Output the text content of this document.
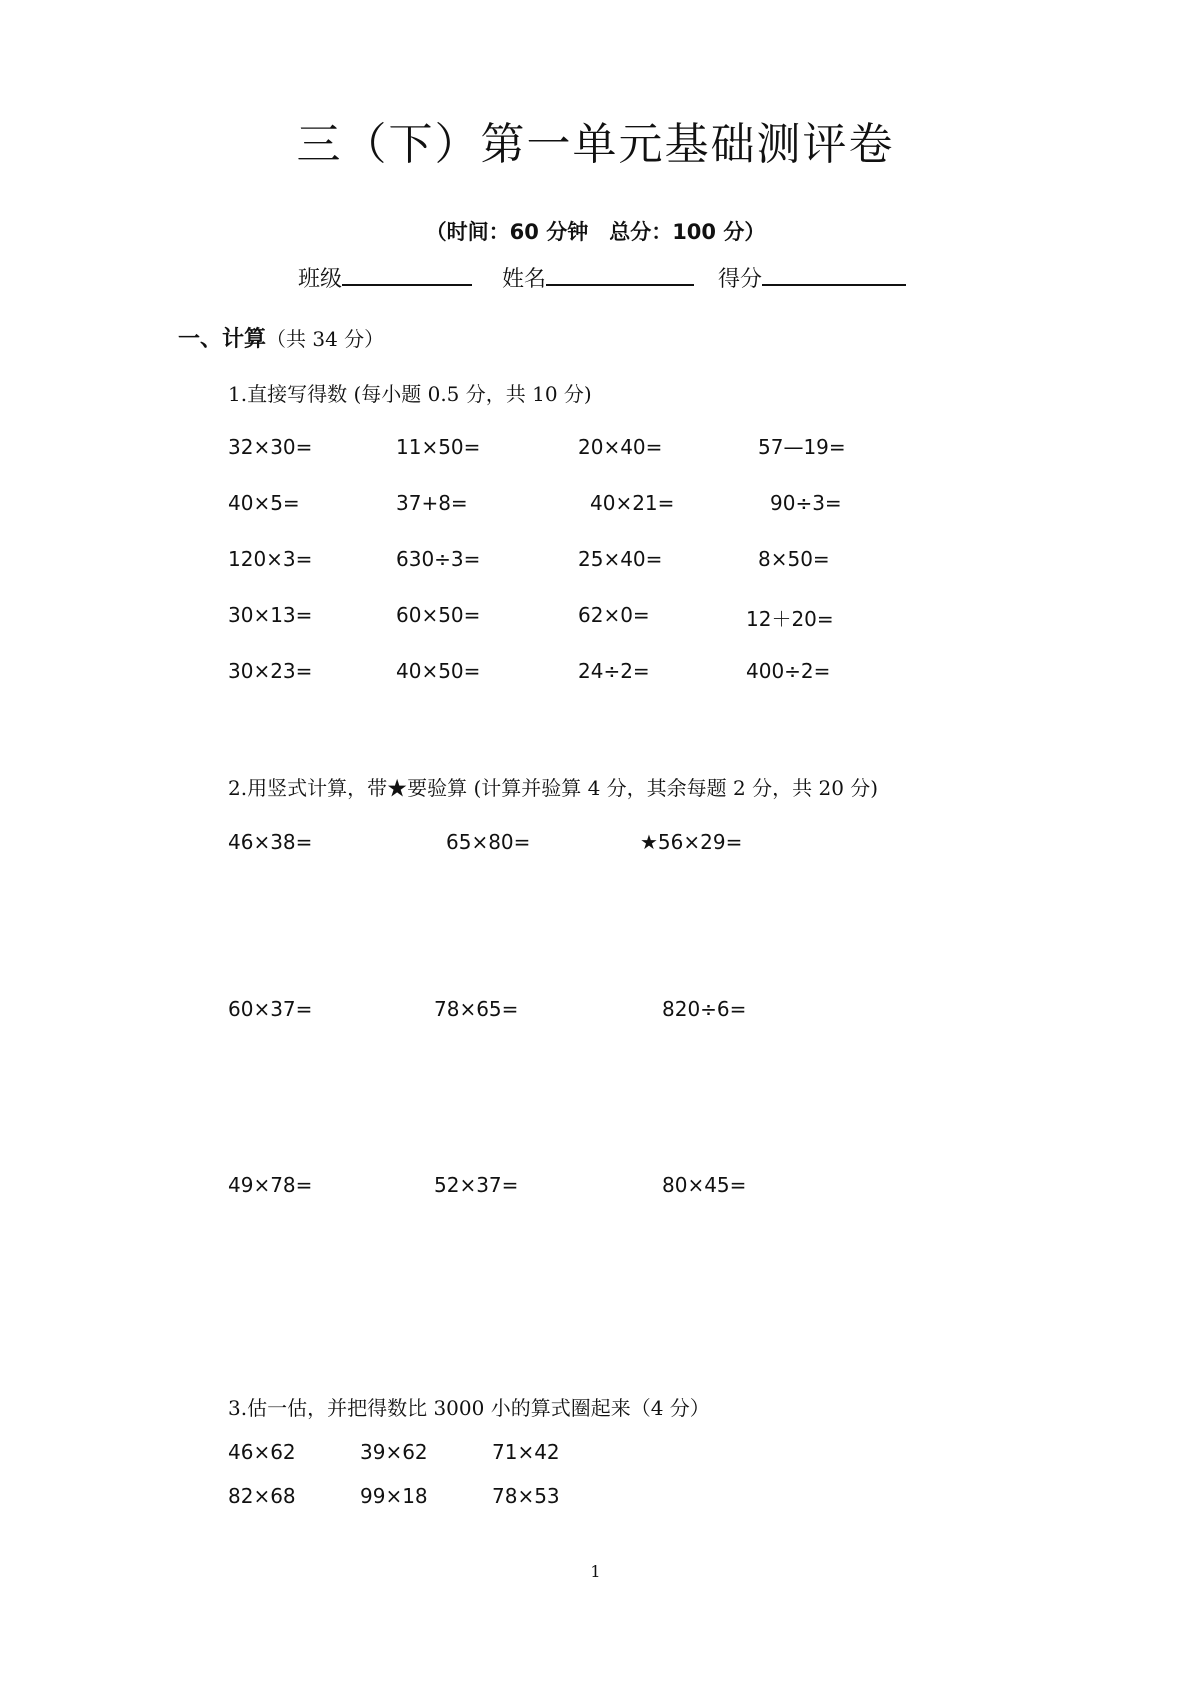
三（下）第一单元基础测评卷
（时间：60 分钟　总分：100 分）
班级	姓名	得分
一、计算（共 34 分）
1.直接写得数 (每小题 0.5 分，共 10 分)
32×30=	11×50=	20×40=	57—19=
40×5=	37+8=	40×21=	90÷3=
120×3=	630÷3=	25×40=	8×50=
30×13=	60×50=	62×0=	12＋20=
30×23=	40×50=	24÷2=	400÷2=
2.用竖式计算，带★要验算 (计算并验算 4 分，其余每题 2 分，共 20 分)
46×38=	65×80=	★56×29=
60×37=	78×65=	820÷6=
49×78=	52×37=	80×45=
3.估一估，并把得数比 3000 小的算式圈起来（4 分）
46×62	39×62	71×42
82×68	99×18	78×53
1
